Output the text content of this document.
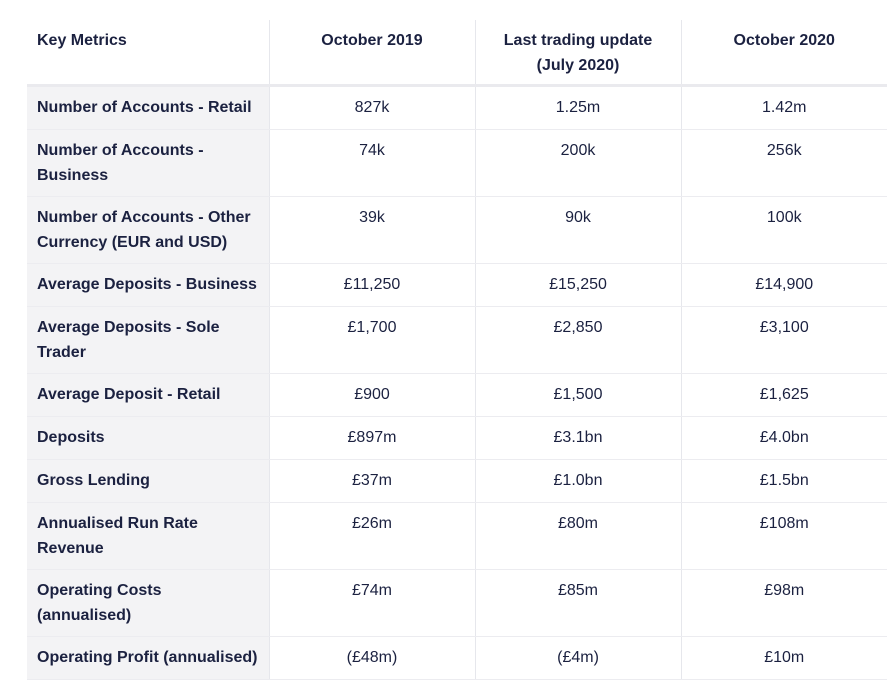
Key Metrics	October 2019	Last trading update (July 2020)	October 2020
Number of Accounts - Retail	827k	1.25m	1.42m
Number of Accounts - Business	74k	200k	256k
Number of Accounts - Other Currency (EUR and USD)	39k	90k	100k
Average Deposits - Business	£11,250	£15,250	£14,900
Average Deposits - Sole Trader	£1,700	£2,850	£3,100
Average Deposit - Retail	£900	£1,500	£1,625
Deposits	£897m	£3.1bn	£4.0bn
Gross Lending	£37m	£1.0bn	£1.5bn
Annualised Run Rate Revenue	£26m	£80m	£108m
Operating Costs (annualised)	£74m	£85m	£98m
Operating Profit (annualised)	(£48m)	(£4m)	£10m
